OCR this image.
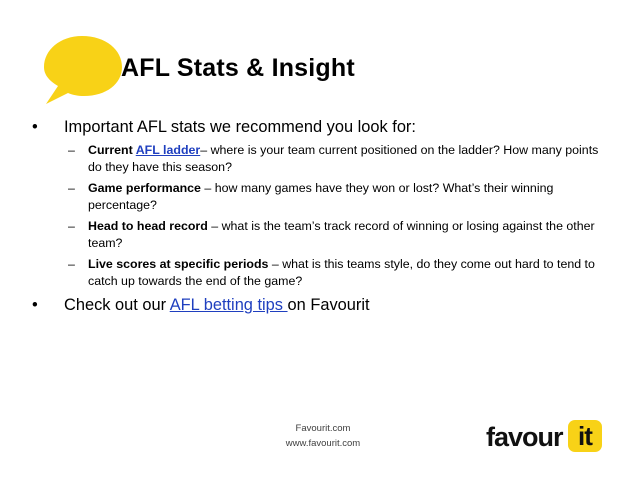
AFL Stats & Insight
• Important AFL stats we recommend you look for:
– Current AFL ladder– where is your team current positioned on the ladder? How many points do they have this season?
– Game performance – how many games have they won or lost? What’s their winning percentage?
– Head to head record – what is the team’s track record of winning or losing against the other team?
– Live scores at specific periods – what is this teams style, do they come out hard to tend to catch up towards the end of the game?
• Check out our AFL betting tips on Favourit
Favourit.com
www.favourit.com	favour it
